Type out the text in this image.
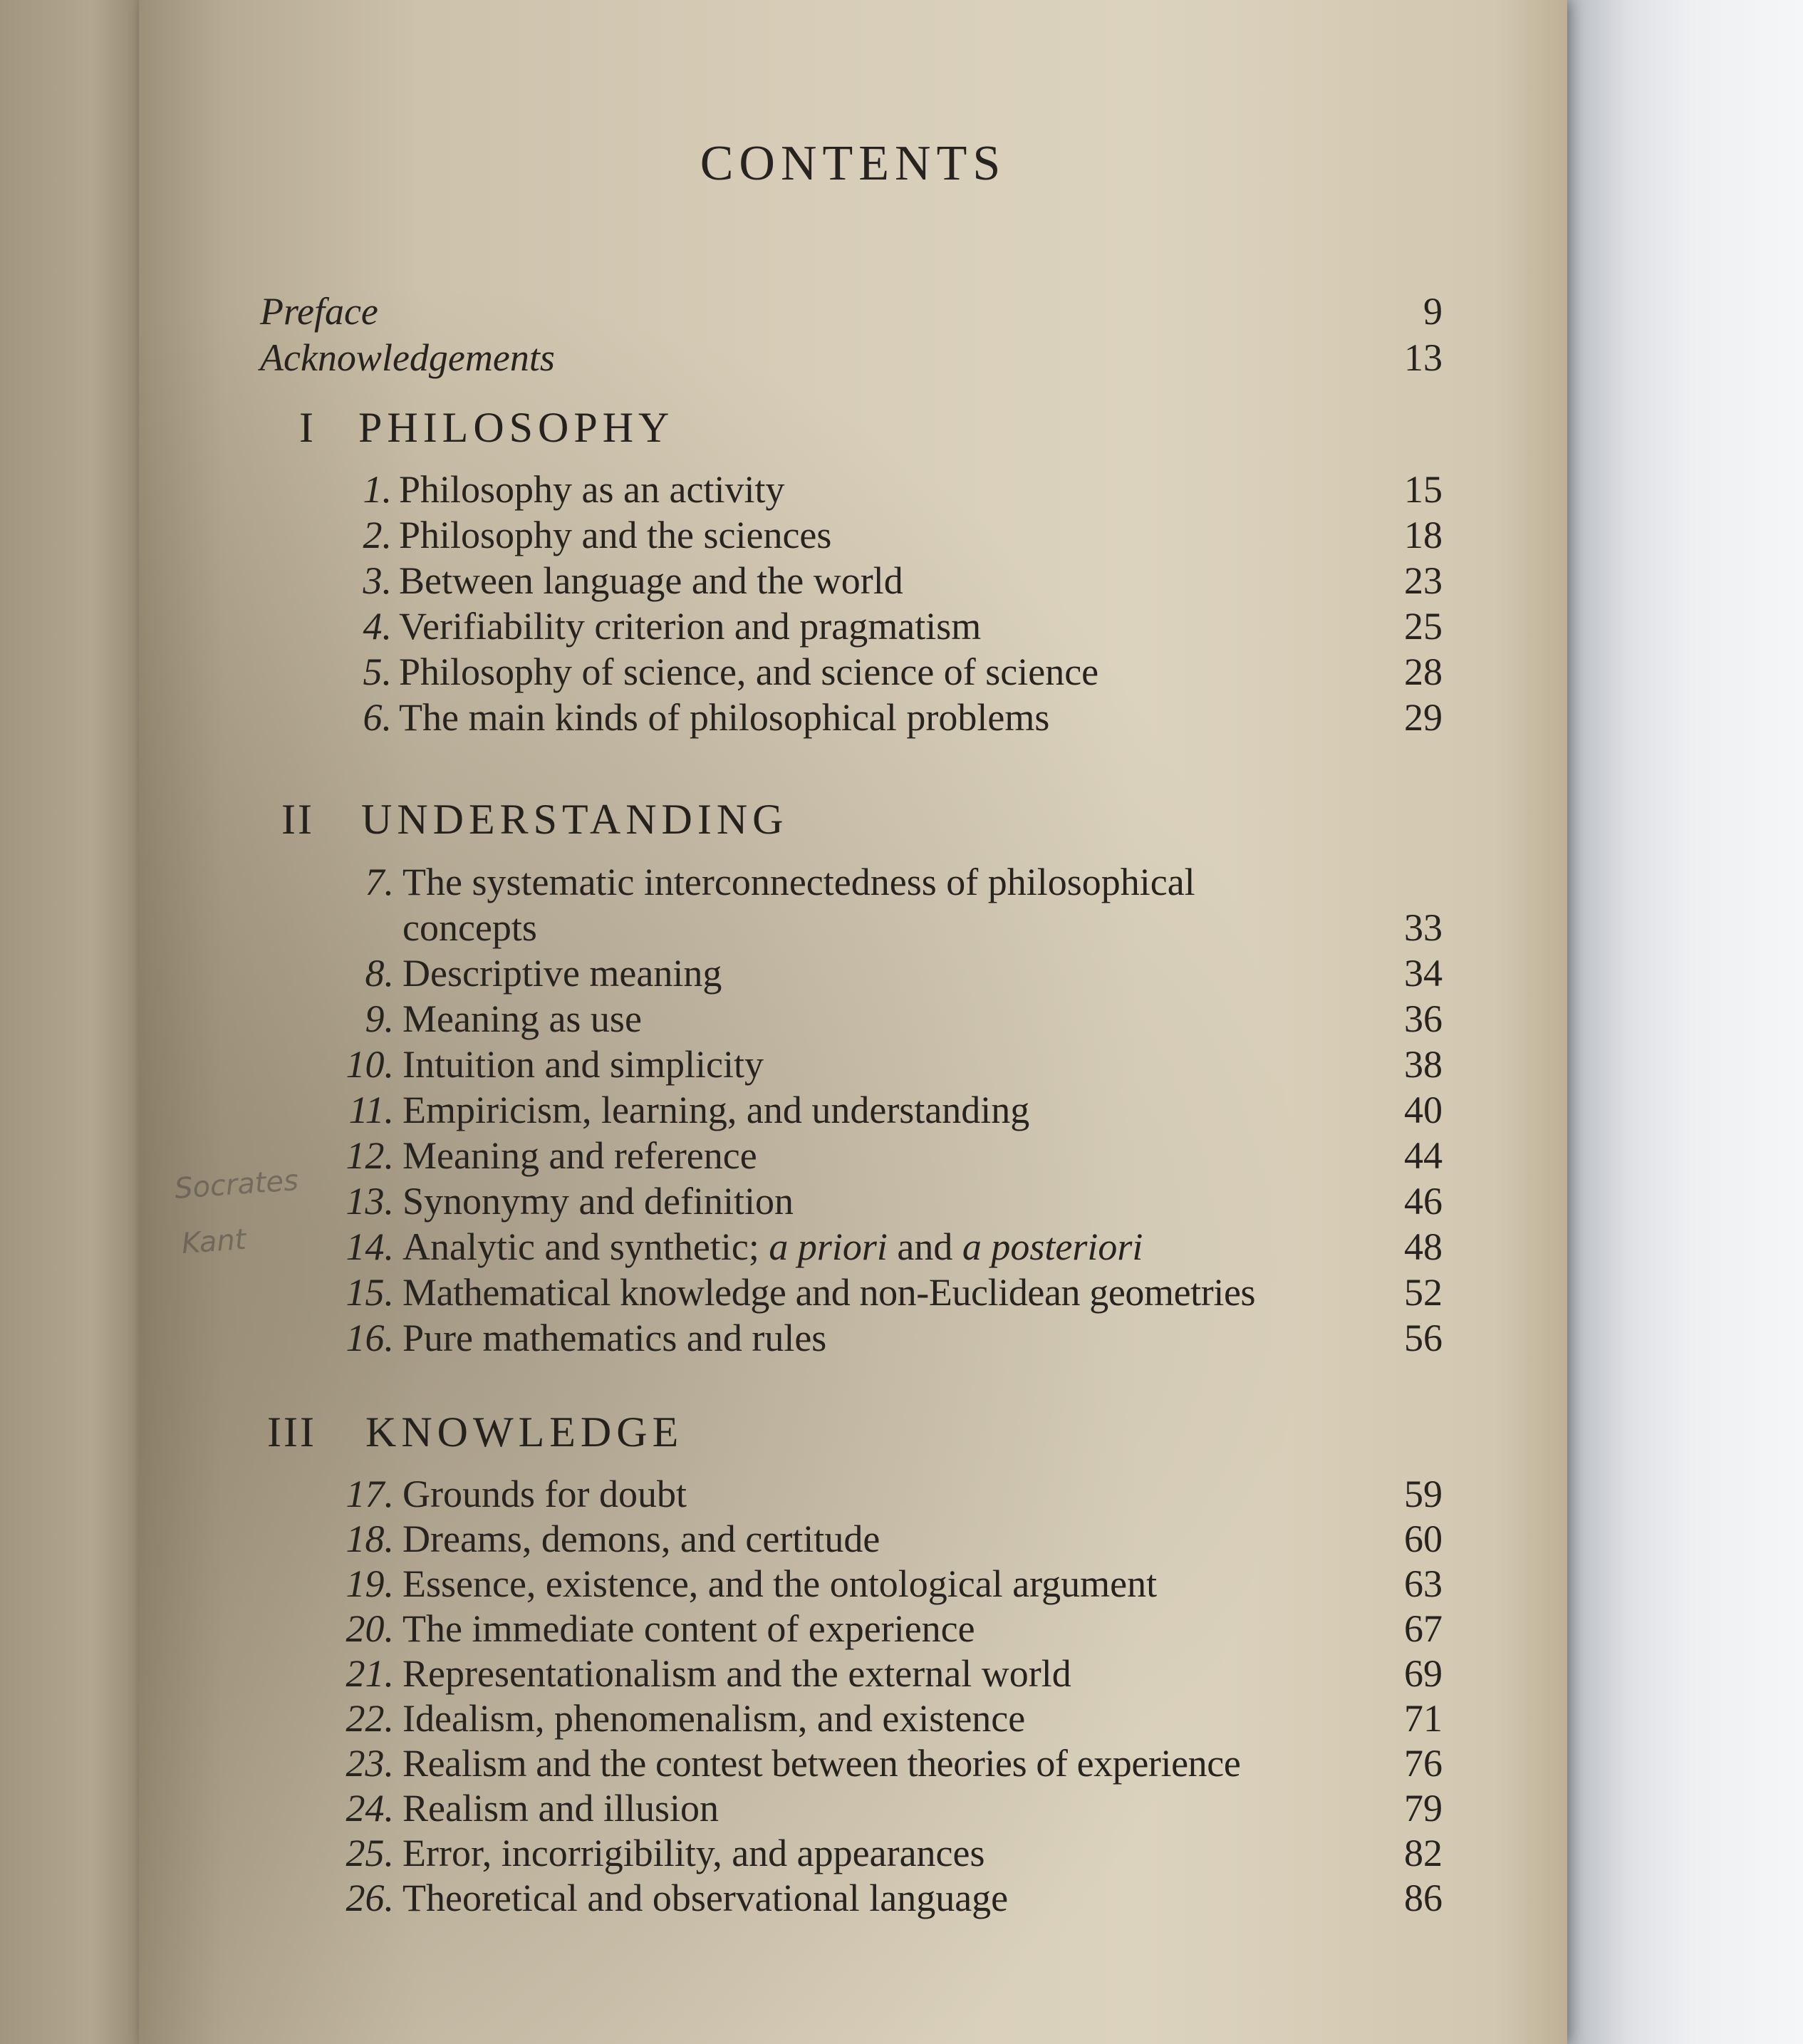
CONTENTS
Preface	9
Acknowledgements	13
I PHILOSOPHY
1. Philosophy as an activity	15
2. Philosophy and the sciences	18
3. Between language and the world	23
4. Verifiability criterion and pragmatism	25
5. Philosophy of science, and science of science	28
6. The main kinds of philosophical problems	29
II UNDERSTANDING
7. The systematic interconnectedness of philosophical
concepts	33
8. Descriptive meaning	34
9. Meaning as use	36
10. Intuition and simplicity	38
11. Empiricism, learning, and understanding	40
12. Meaning and reference	44
13. Synonymy and definition	46
14. Analytic and synthetic; a priori and a posteriori	48
15. Mathematical knowledge and non-Euclidean geometries	52
16. Pure mathematics and rules	56
III KNOWLEDGE
17. Grounds for doubt	59
18. Dreams, demons, and certitude	60
19. Essence, existence, and the ontological argument	63
20. The immediate content of experience	67
21. Representationalism and the external world	69
22. Idealism, phenomenalism, and existence	71
23. Realism and the contest between theories of experience	76
24. Realism and illusion	79
25. Error, incorrigibility, and appearances	82
26. Theoretical and observational language	86
Socrates
Kant
